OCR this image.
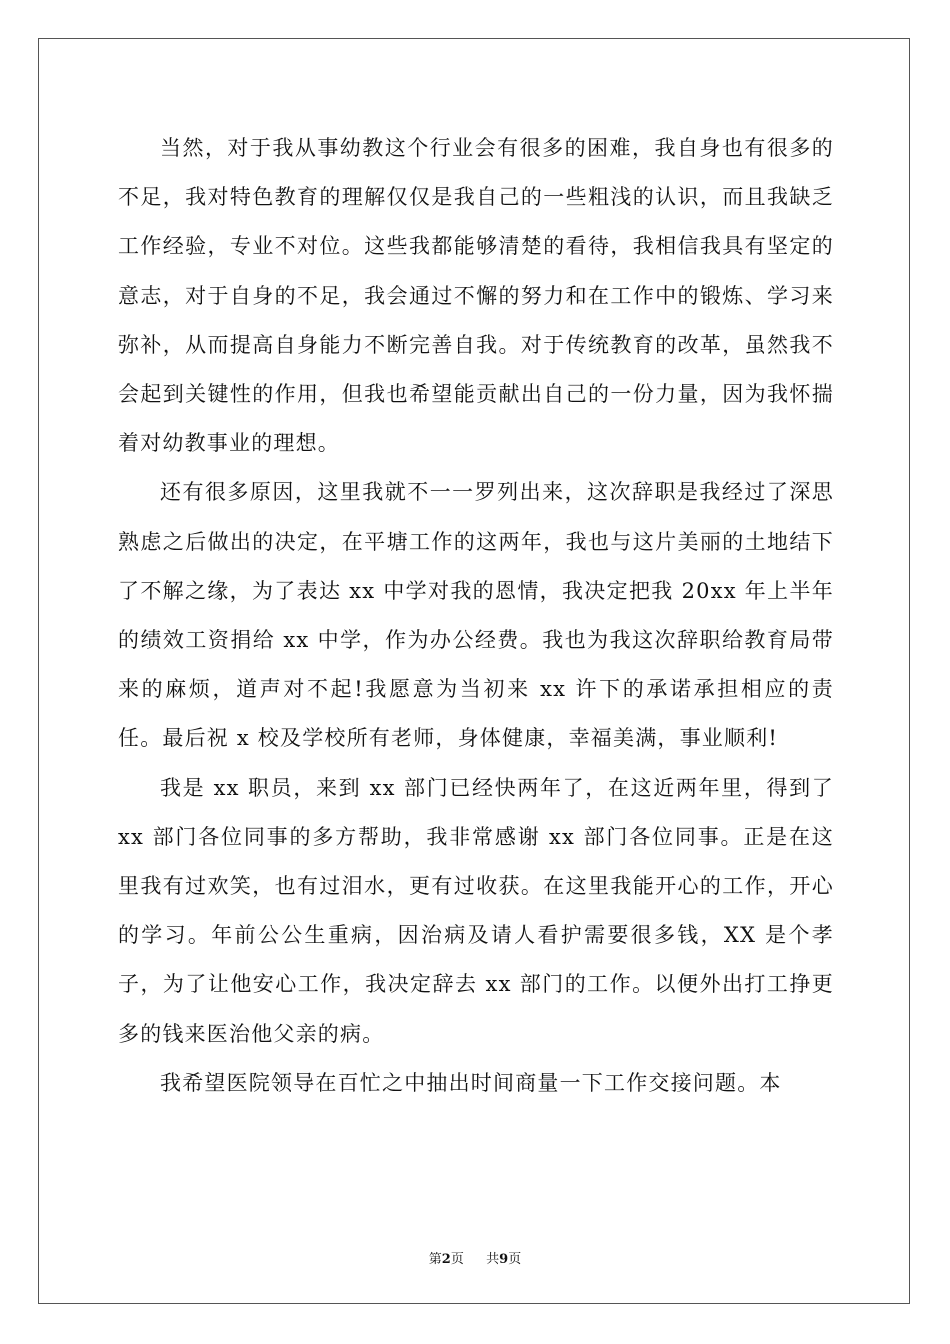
当然，对于我从事幼教这个行业会有很多的困难，我自身也有很多的不足，我对特色教育的理解仅仅是我自己的一些粗浅的认识，而且我缺乏工作经验，专业不对位。这些我都能够清楚的看待，我相信我具有坚定的意志，对于自身的不足，我会通过不懈的努力和在工作中的锻炼、学习来弥补，从而提高自身能力不断完善自我。对于传统教育的改革，虽然我不会起到关键性的作用，但我也希望能贡献出自己的一份力量，因为我怀揣着对幼教事业的理想。

还有很多原因，这里我就不一一罗列出来，这次辞职是我经过了深思熟虑之后做出的决定，在平塘工作的这两年，我也与这片美丽的土地结下了不解之缘，为了表达 xx 中学对我的恩情，我决定把我 20xx 年上半年的绩效工资捐给 xx 中学，作为办公经费。我也为我这次辞职给教育局带来的麻烦，道声对不起!我愿意为当初来 xx 许下的承诺承担相应的责任。最后祝 x 校及学校所有老师，身体健康，幸福美满，事业顺利!

我是 xx 职员，来到 xx 部门已经快两年了，在这近两年里，得到了 xx 部门各位同事的多方帮助，我非常感谢 xx 部门各位同事。正是在这里我有过欢笑，也有过泪水，更有过收获。在这里我能开心的工作，开心的学习。年前公公生重病，因治病及请人看护需要很多钱，XX 是个孝子，为了让他安心工作，我决定辞去 xx 部门的工作。以便外出打工挣更多的钱来医治他父亲的病。

我希望医院领导在百忙之中抽出时间商量一下工作交接问题。本

第2页 共9页
